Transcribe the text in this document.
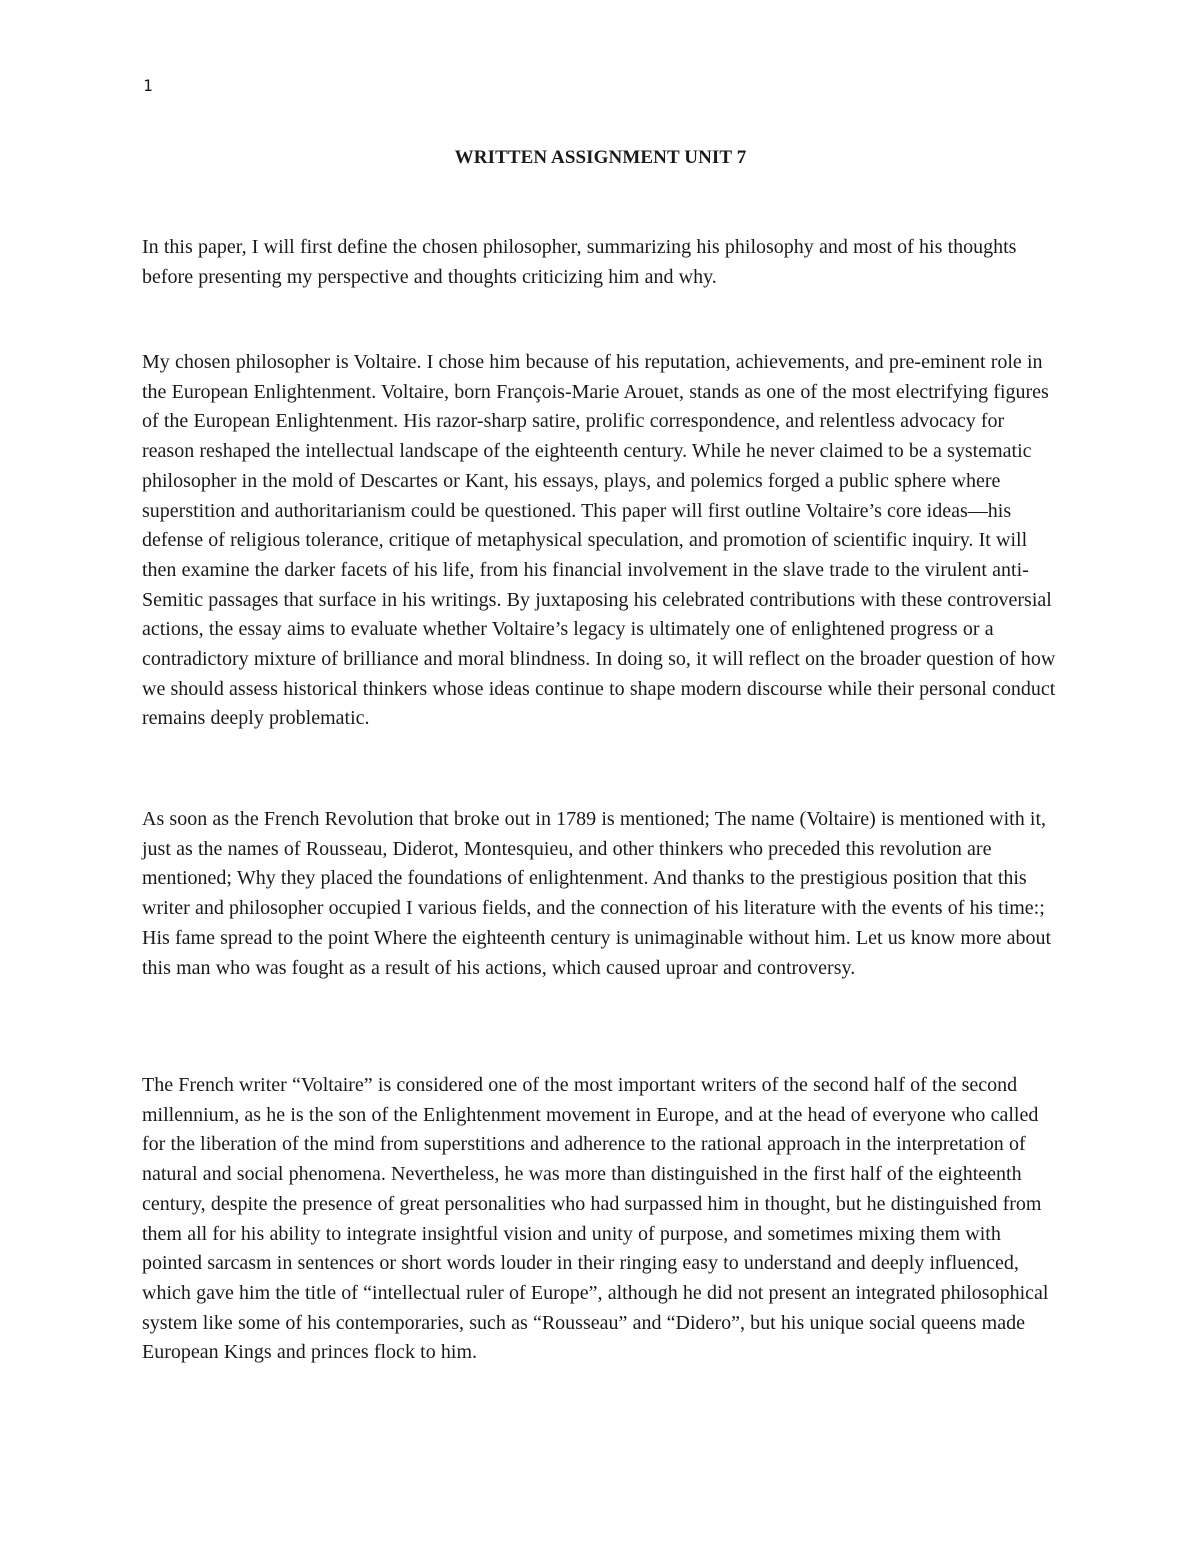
1
WRITTEN ASSIGNMENT UNIT 7

In this paper, I will first define the chosen philosopher, summarizing his philosophy and most of his thoughts before presenting my perspective and thoughts criticizing him and why.

My chosen philosopher is Voltaire. I chose him because of his reputation, achievements, and pre-eminent role in the European Enlightenment. Voltaire, born François-Marie Arouet, stands as one of the most electrifying figures of the European Enlightenment. His razor-sharp satire, prolific correspondence, and relentless advocacy for reason reshaped the intellectual landscape of the eighteenth century. While he never claimed to be a systematic philosopher in the mold of Descartes or Kant, his essays, plays, and polemics forged a public sphere where superstition and authoritarianism could be questioned. This paper will first outline Voltaire’s core ideas—his defense of religious tolerance, critique of metaphysical speculation, and promotion of scientific inquiry. It will then examine the darker facets of his life, from his financial involvement in the slave trade to the virulent anti-Semitic passages that surface in his writings. By juxtaposing his celebrated contributions with these controversial actions, the essay aims to evaluate whether Voltaire’s legacy is ultimately one of enlightened progress or a contradictory mixture of brilliance and moral blindness. In doing so, it will reflect on the broader question of how we should assess historical thinkers whose ideas continue to shape modern discourse while their personal conduct remains deeply problematic.

As soon as the French Revolution that broke out in 1789 is mentioned; The name (Voltaire) is mentioned with it, just as the names of Rousseau, Diderot, Montesquieu, and other thinkers who preceded this revolution are mentioned; Why they placed the foundations of enlightenment. And thanks to the prestigious position that this writer and philosopher occupied I various fields, and the connection of his literature with the events of his time:; His fame spread to the point Where the eighteenth century is unimaginable without him. Let us know more about this man who was fought as a result of his actions, which caused uproar and controversy.

The French writer “Voltaire” is considered one of the most important writers of the second half of the second millennium, as he is the son of the Enlightenment movement in Europe, and at the head of everyone who called for the liberation of the mind from superstitions and adherence to the rational approach in the interpretation of natural and social phenomena. Nevertheless, he was more than distinguished in the first half of the eighteenth century, despite the presence of great personalities who had surpassed him in thought, but he distinguished from them all for his ability to integrate insightful vision and unity of purpose, and sometimes mixing them with pointed sarcasm in sentences or short words louder in their ringing easy to understand and deeply influenced, which gave him the title of “intellectual ruler of Europe”, although he did not present an integrated philosophical system like some of his contemporaries, such as “Rousseau” and “Didero”, but his unique social queens made European Kings and princes flock to him.
